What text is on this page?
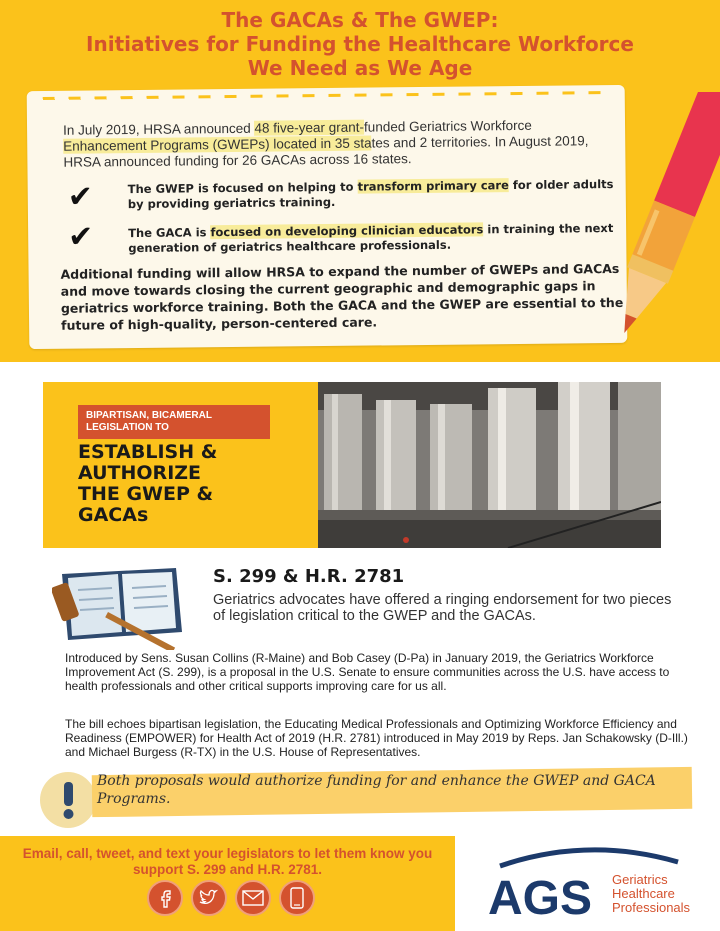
The GACAs & The GWEP:
Initiatives for Funding the Healthcare Workforce
We Need as We Age
In July 2019, HRSA announced 48 five-year grant-funded Geriatrics Workforce Enhancement Programs (GWEPs) located in 35 states and 2 territories. In August 2019, HRSA announced funding for 26 GACAs across 16 states.
✔	The GWEP is focused on helping to transform primary care for older adults by providing geriatrics training.
✔	The GACA is focused on developing clinician educators in training the next generation of geriatrics healthcare professionals.
Additional funding will allow HRSA to expand the number of GWEPs and GACAs and move towards closing the current geographic and demographic gaps in geriatrics workforce training. Both the GACA and the GWEP are essential to the future of high-quality, person-centered care.
BIPARTISAN, BICAMERAL LEGISLATION TO
ESTABLISH &
AUTHORIZE
THE GWEP &
GACAs
S. 299 & H.R. 2781
Geriatrics advocates have offered a ringing endorsement for two pieces of legislation critical to the GWEP and the GACAs.
Introduced by Sens. Susan Collins (R-Maine) and Bob Casey (D-Pa) in January 2019, the Geriatrics Workforce Improvement Act (S. 299), is a proposal in the U.S. Senate to ensure communities across the U.S. have access to health professionals and other critical supports improving care for us all.
The bill echoes bipartisan legislation, the Educating Medical Professionals and Optimizing Workforce Efficiency and Readiness (EMPOWER) for Health Act of 2019 (H.R. 2781) introduced in May 2019 by Reps. Jan Schakowsky (D-Ill.) and Michael Burgess (R-TX) in the U.S. House of Representatives.
Both proposals would authorize funding for and enhance the GWEP and GACA Programs.
Email, call, tweet, and text your legislators to let them know you support S. 299 and H.R. 2781.
AGS Geriatrics
Healthcare
Professionals
